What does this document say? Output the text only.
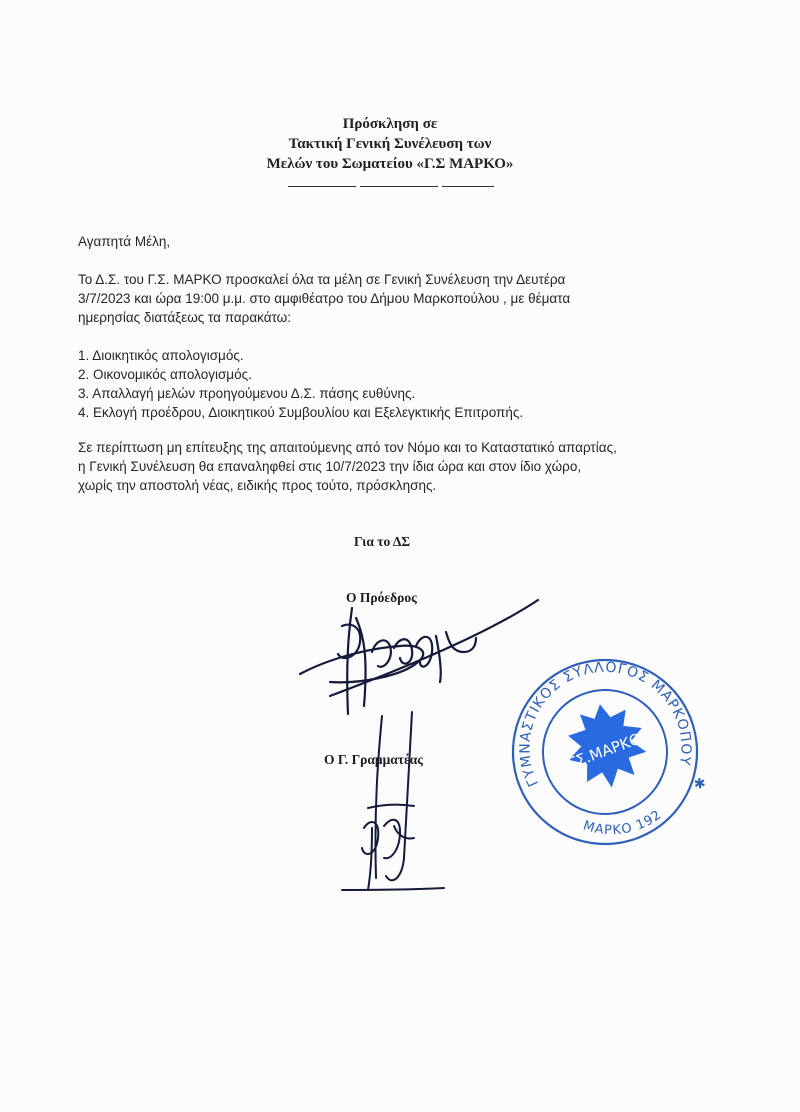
Πρόσκληση σε
Τακτική Γενική Συνέλευση των
Μελών του Σωματείου «Γ.Σ ΜΑΡΚΟ»
Αγαπητά Μέλη,
Το Δ.Σ. του Γ.Σ. ΜΑΡΚΟ προσκαλεί όλα τα μέλη σε Γενική Συνέλευση την Δευτέρα
3/7/2023 και ώρα 19:00 μ.μ. στο αμφιθέατρο του Δήμου Μαρκοπούλου , με θέματα
ημερησίας διατάξεως τα παρακάτω:
1. Διοικητικός απολογισμός.
2. Οικονομικός απολογισμός.
3. Απαλλαγή μελών προηγούμενου Δ.Σ. πάσης ευθύνης.
4. Εκλογή προέδρου, Διοικητικού Συμβουλίου και Εξελεγκτικής Επιτροπής.
Σε περίπτωση μη επίτευξης της απαιτούμενης από τον Νόμο και το Καταστατικό απαρτίας,
η Γενική Συνέλευση θα επαναληφθεί στις 10/7/2023 την ίδια ώρα και στον ίδιο χώρο,
χωρίς την αποστολή νέας, ειδικής προς τούτο, πρόσκλησης.
Για το ΔΣ
Ο Πρόεδρος
Ο Γ. Γραμματέας
ΓΥΜΝΑΣΤΙΚΟΣ ΣΥΛΛΟΓΟΣ ΜΑΡΚΟΠΟΥΛΟΥ
ΜΑΡΚΟ 1927
✱
ΓΣ.ΜΑΡΚΟ
